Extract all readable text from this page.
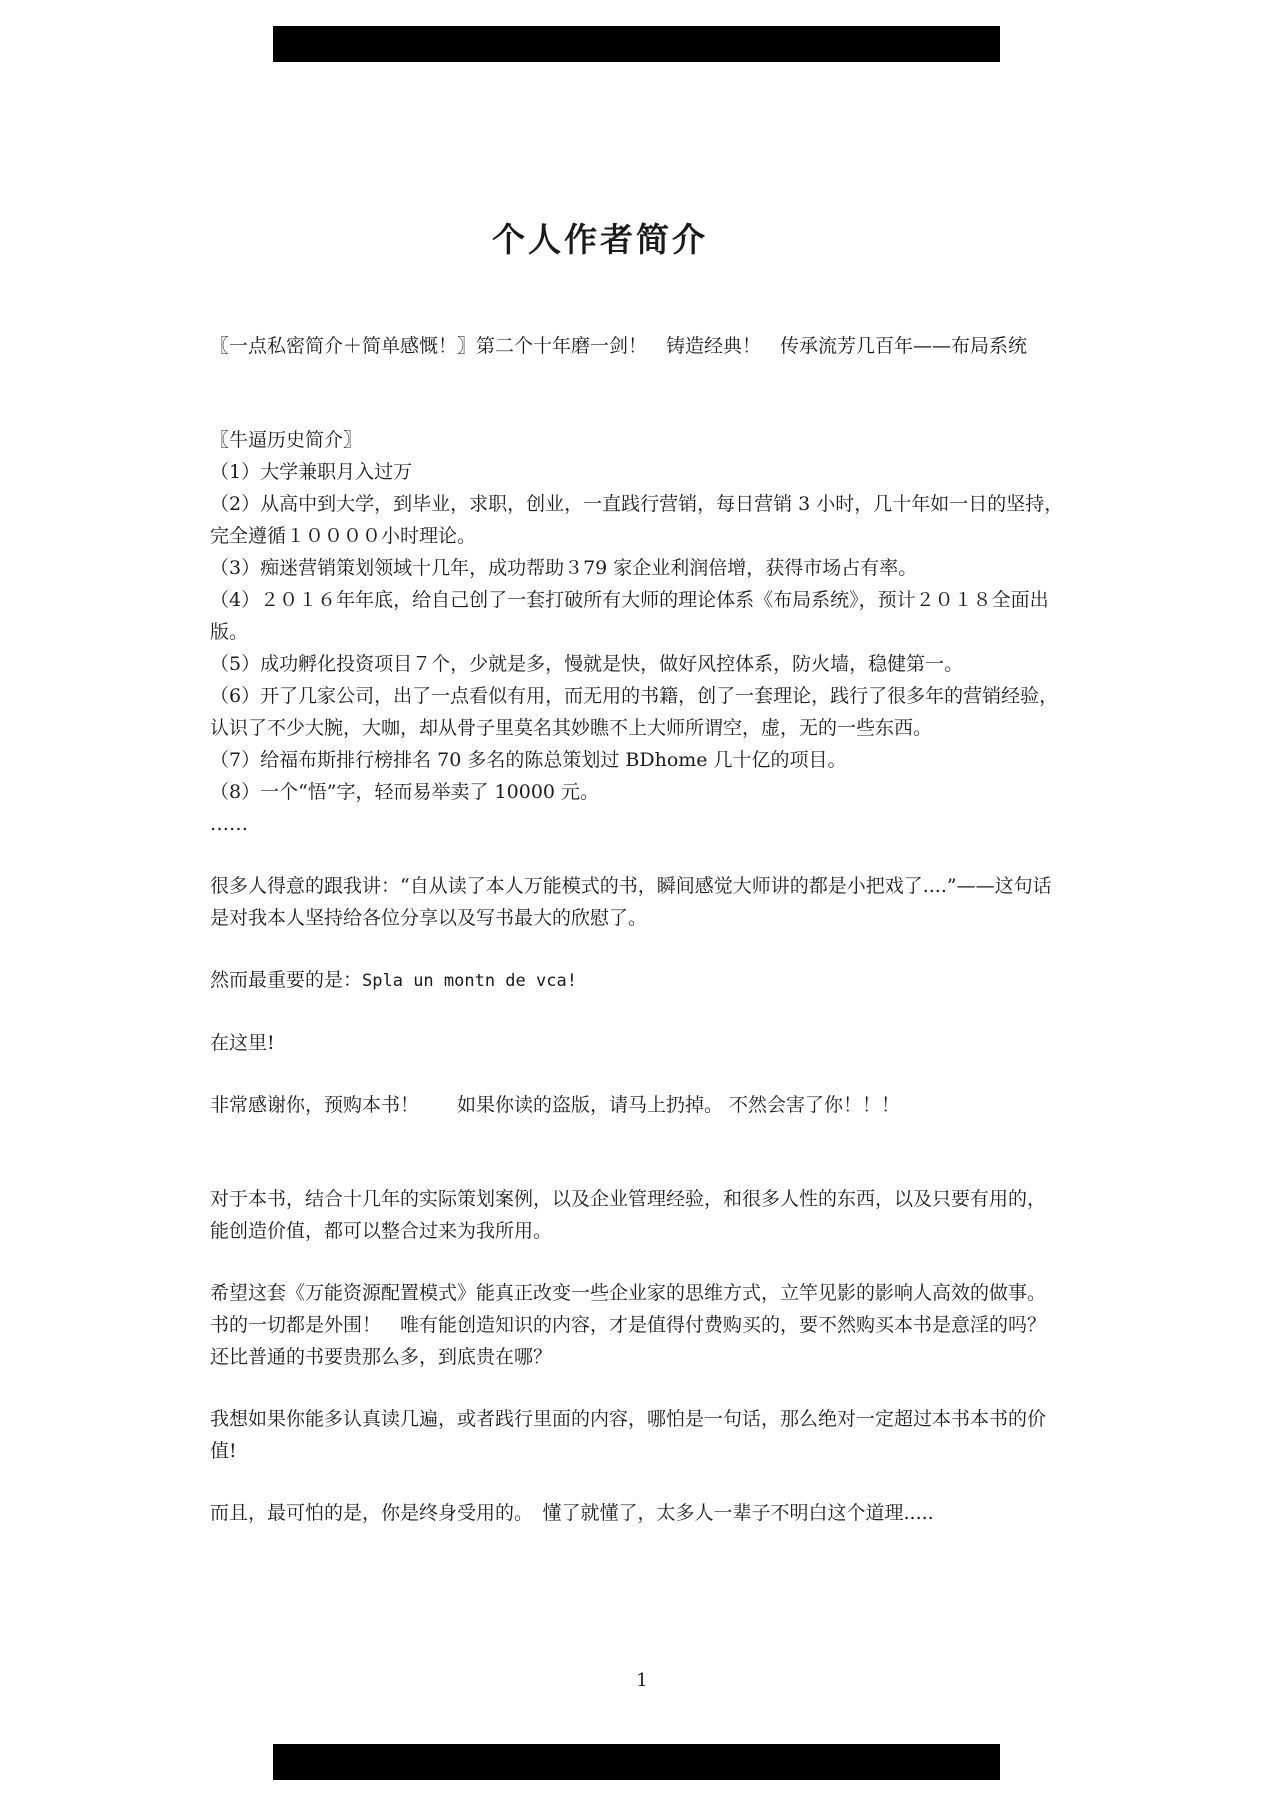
个人作者简介

〖一点私密简介＋简单感慨！〗第二个十年磨一剑！　铸造经典！　传承流芳几百年——布局系统

〖牛逼历史简介〗

（1）大学兼职月入过万

（2）从高中到大学，到毕业，求职，创业，一直践行营销，每日营销 3 小时，几十年如一日的坚持，完全遵循１００００小时理论。

（3）痴迷营销策划领域十几年，成功帮助３79 家企业利润倍增，获得市场占有率。

（4）２０１６年年底，给自己创了一套打破所有大师的理论体系《布局系统》，预计２０１８全面出版。

（5）成功孵化投资项目７个，少就是多，慢就是快，做好风控体系，防火墙，稳健第一。

（6）开了几家公司，出了一点看似有用，而无用的书籍，创了一套理论，践行了很多年的营销经验，认识了不少大腕，大咖，却从骨子里莫名其妙瞧不上大师所谓空，虚，无的一些东西。

（7）给福布斯排行榜排名 70 多名的陈总策划过 BDhome 几十亿的项目。

（8）一个“悟”字，轻而易举卖了 10000 元。

……

很多人得意的跟我讲：“自从读了本人万能模式的书，瞬间感觉大师讲的都是小把戏了....”——这句话是对我本人坚持给各位分享以及写书最大的欣慰了。

然而最重要的是：Spla un montn de vca!

在这里!

非常感谢你，预购本书！　　如果你读的盗版，请马上扔掉。 不然会害了你！！！

对于本书，结合十几年的实际策划案例，以及企业管理经验，和很多人性的东西，以及只要有用的，能创造价值，都可以整合过来为我所用。

希望这套《万能资源配置模式》能真正改变一些企业家的思维方式，立竿见影的影响人高效的做事。

书的一切都是外围！　唯有能创造知识的内容，才是值得付费购买的，要不然购买本书是意淫的吗？　还比普通的书要贵那么多，到底贵在哪？

我想如果你能多认真读几遍，或者践行里面的内容，哪怕是一句话，那么绝对一定超过本书本书的价值!

而且，最可怕的是，你是终身受用的。　懂了就懂了，太多人一辈子不明白这个道理.....

1
